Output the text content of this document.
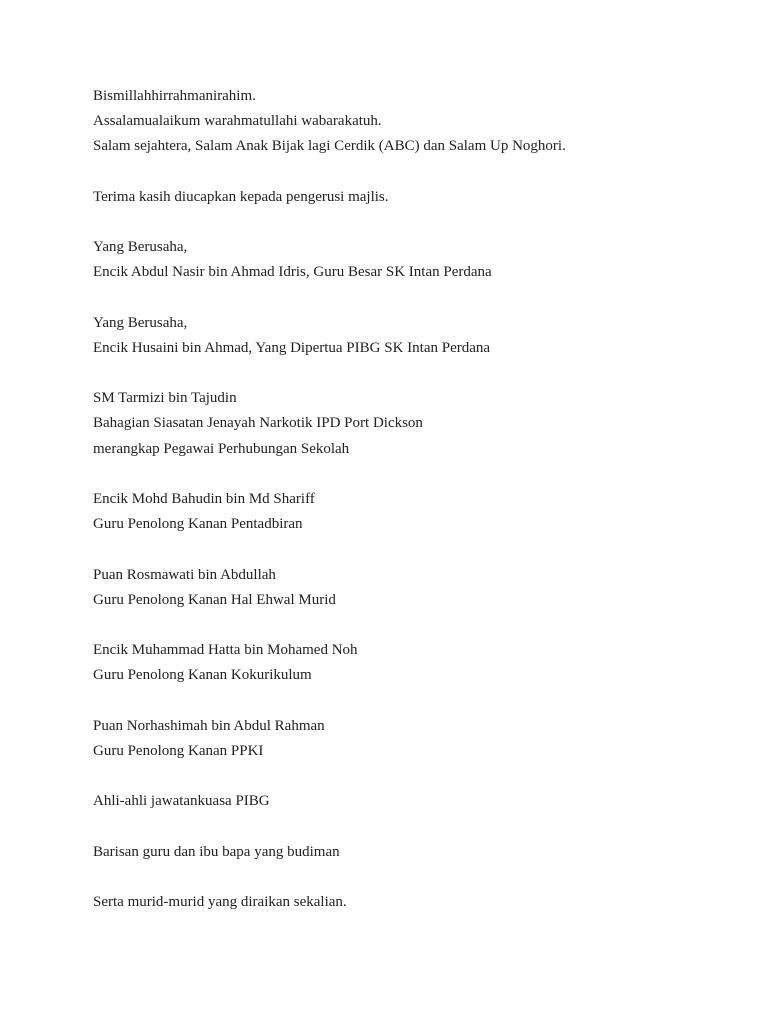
Bismillahhirrahmanirahim.
Assalamualaikum warahmatullahi wabarakatuh.
Salam sejahtera, Salam Anak Bijak lagi Cerdik (ABC) dan Salam Up Noghori.
Terima kasih diucapkan kepada pengerusi majlis.
Yang Berusaha,
Encik Abdul Nasir bin Ahmad Idris, Guru Besar SK Intan Perdana
Yang Berusaha,
Encik Husaini bin Ahmad, Yang Dipertua PIBG SK Intan Perdana
SM Tarmizi bin Tajudin
Bahagian Siasatan Jenayah Narkotik IPD Port Dickson
merangkap Pegawai Perhubungan Sekolah
Encik Mohd Bahudin bin Md Shariff
Guru Penolong Kanan Pentadbiran
Puan Rosmawati bin Abdullah
Guru Penolong Kanan Hal Ehwal Murid
Encik Muhammad Hatta bin Mohamed Noh
Guru Penolong Kanan Kokurikulum
Puan Norhashimah bin Abdul Rahman
Guru Penolong Kanan PPKI
Ahli-ahli jawatankuasa PIBG
Barisan guru dan ibu bapa yang budiman
Serta murid-murid yang diraikan sekalian.
